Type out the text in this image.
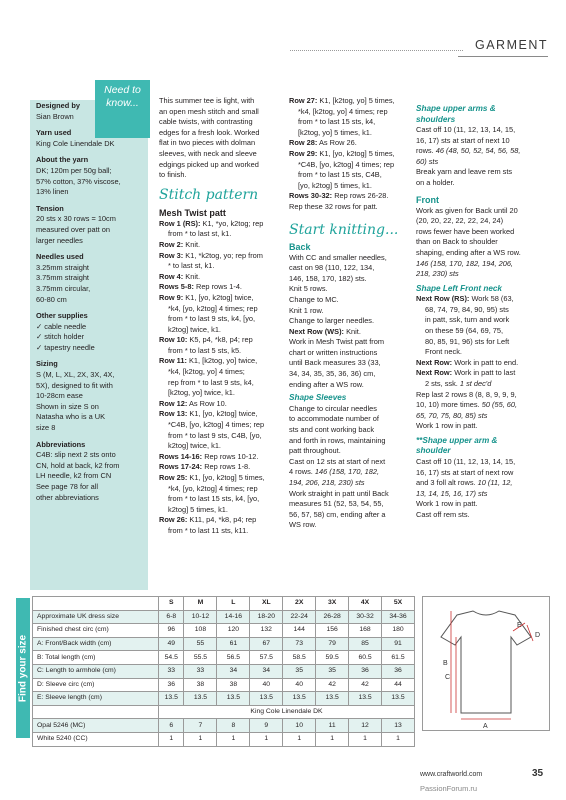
GARMENT
Need to know...
Designed by
Sian Brown
Yarn used
King Cole Linendale DK
About the yarn
DK; 120m per 50g ball;
57% cotton, 37% viscose,
13% linen
Tension
20 sts x 30 rows = 10cm
measured over patt on
larger needles
Needles used
3.25mm straight
3.75mm straight
3.75mm circular,
60-80 cm
Other supplies
✓ cable needle
✓ stitch holder
✓ tapestry needle
Sizing
S (M, L, XL, 2X, 3X, 4X,
5X), designed to fit with
10-28cm ease
Shown in size S on
Natasha who is a UK
size 8
Abbreviations
C4B: slip next 2 sts onto
CN, hold at back, k2 from
LH needle, k2 from CN
See page 78 for all
other abbreviations

This summer tee is light, with

an open mesh stitch and small

cable twists, with contrasting

edges for a fresh look. Worked

flat in two pieces with dolman

sleeves, with neck and sleeve

edgings picked up and worked

to finish.

Stitch pattern
Mesh Twist patt

Row 1 (RS): K1, *yo, k2tog; rep

from * to last st, k1.

Row 2: Knit.

Row 3: K1, *k2tog, yo; rep from

* to last st, k1.

Row 4: Knit.

Rows 5-8: Rep rows 1-4.

Row 9: K1, [yo, k2tog] twice,

*k4, [yo, k2tog] 4 times; rep

from * to last 9 sts, k4, [yo,

k2tog] twice, k1.

Row 10: K5, p4, *k8, p4; rep

from * to last 5 sts, k5.

Row 11: K1, [k2tog, yo] twice,

*k4, [k2tog, yo] 4 times;

rep from * to last 9 sts, k4,

[k2tog, yo] twice, k1.

Row 12: As Row 10.

Row 13: K1, [yo, k2tog] twice,

*C4B, [yo, k2tog] 4 times; rep

from * to last 9 sts, C4B, [yo,

k2tog] twice, k1.

Rows 14-16: Rep rows 10-12.

Rows 17-24: Rep rows 1-8.

Row 25: K1, [yo, k2tog] 5 times,

*k4, [yo, k2tog] 4 times; rep

from * to last 15 sts, k4, [yo,

k2tog] 5 times, k1.

Row 26: K11, p4, *k8, p4; rep

from * to last 11 sts, k11.

Row 27: K1, [k2tog, yo] 5 times,

*k4, [k2tog, yo] 4 times; rep

from * to last 15 sts, k4,

[k2tog, yo] 5 times, k1.

Row 28: As Row 26.

Row 29: K1, [yo, k2tog] 5 times,

*C4B, [yo, k2tog] 4 times; rep

from * to last 15 sts, C4B,

[yo, k2tog] 5 times, k1.

Rows 30-32: Rep rows 26-28.

Rep these 32 rows for patt.

Start knitting...
Back

With CC and smaller needles,

cast on 98 (110, 122, 134,

146, 158, 170, 182) sts.

Knit 5 rows.

Change to MC.

Knit 1 row.

Change to larger needles.

Next Row (WS): Knit.

Work in Mesh Twist patt from

chart or written instructions

until Back measures 33 (33,

34, 34, 35, 35, 36, 36) cm,

ending after a WS row.

Shape Sleeves

Change to circular needles

to accommodate number of

sts and cont working back

and forth in rows, maintaining

patt throughout.

Cast on 12 sts at start of next

4 rows. 146 (158, 170, 182,

194, 206, 218, 230) sts

Work straight in patt until Back

measures 51 (52, 53, 54, 55,

56, 57, 58) cm, ending after a

WS row.

Shape upper arms & shoulders

Cast off 10 (11, 12, 13, 14, 15,

16, 17) sts at start of next 10

rows. 46 (48, 50, 52, 54, 56, 58,

60) sts

Break yarn and leave rem sts

on a holder.

Front

Work as given for Back until 20

(20, 20, 22, 22, 22, 24, 24)

rows fewer have been worked

than on Back to shoulder

shaping, ending after a WS row.

146 (158, 170, 182, 194, 206,

218, 230) sts

Shape Left Front neck

Next Row (RS): Work 58 (63,

68, 74, 79, 84, 90, 95) sts

in patt, ssk, turn and work

on these 59 (64, 69, 75,

80, 85, 91, 96) sts for Left

Front neck.

Next Row: Work in patt to end.

Next Row: Work in patt to last

2 sts, ssk. 1 st dec'd

Rep last 2 rows 8 (8, 8, 9, 9, 9,

10, 10) more times. 50 (55, 60,

65, 70, 75, 80, 85) sts

Work 1 row in patt.

**Shape upper arm & shoulder

Cast off 10 (11, 12, 13, 14, 15,

16, 17) sts at start of next row

and 3 foll alt rows. 10 (11, 12,

13, 14, 15, 16, 17) sts

Work 1 row in patt.

Cast off rem sts.

Find your size
	S	M	L	XL	2X	3X	4X	5X
Approximate UK dress size	6-8	10-12	14-16	18-20	22-24	26-28	30-32	34-36
Finished chest circ (cm)	96	108	120	132	144	156	168	180
A: Front/Back width (cm)	49	55	61	67	73	79	85	91
B: Total length (cm)	54.5	55.5	56.5	57.5	58.5	59.5	60.5	61.5
C: Length to armhole (cm)	33	33	34	34	35	35	36	36
D: Sleeve circ (cm)	36	38	38	40	40	42	42	44
E: Sleeve length (cm)	13.5	13.5	13.5	13.5	13.5	13.5	13.5	13.5
	King Cole Linendale DK							
Opal 5246 (MC)	6	7	8	9	10	11	12	13
White 5240 (CC)	1	1	1	1	1	1	1	1
A
B
C
D
E
www.craftworld.com	35
PassionForum.ru
